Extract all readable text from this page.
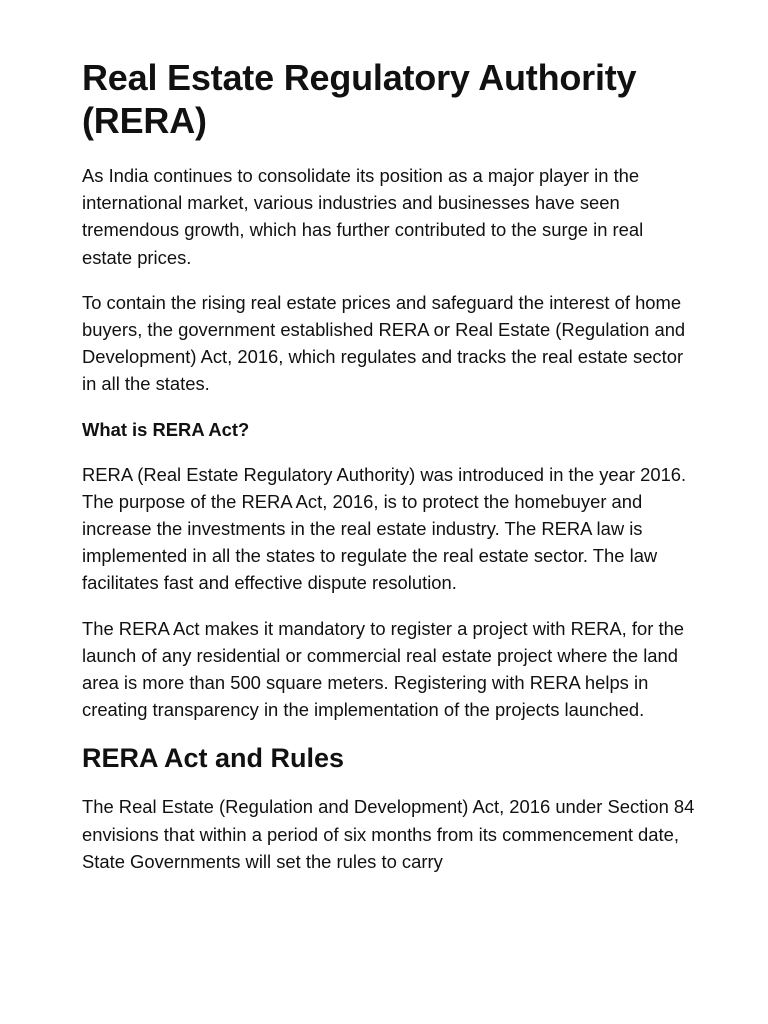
Real Estate Regulatory Authority (RERA)

As India continues to consolidate its position as a major player in the international market, various industries and businesses have seen tremendous growth, which has further contributed to the surge in real estate prices.

To contain the rising real estate prices and safeguard the interest of home buyers, the government established RERA or Real Estate (Regulation and Development) Act, 2016, which regulates and tracks the real estate sector in all the states.

What is RERA Act?

RERA (Real Estate Regulatory Authority) was introduced in the year 2016. The purpose of the RERA Act, 2016, is to protect the homebuyer and increase the investments in the real estate industry. The RERA law is implemented in all the states to regulate the real estate sector. The law facilitates fast and effective dispute resolution.

The RERA Act makes it mandatory to register a project with RERA, for the launch of any residential or commercial real estate project where the land area is more than 500 square meters. Registering with RERA helps in creating transparency in the implementation of the projects launched.

RERA Act and Rules

The Real Estate (Regulation and Development) Act, 2016 under Section 84 envisions that within a period of six months from its commencement date, State Governments will set the rules to carry
